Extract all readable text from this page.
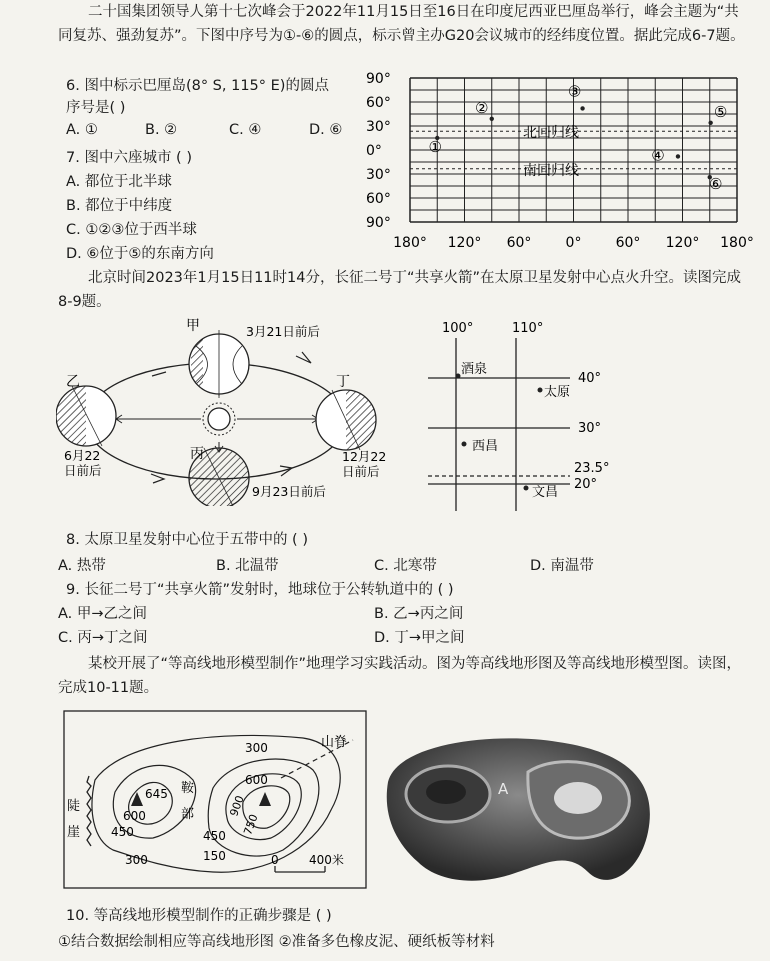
二十国集团领导人第十七次峰会于2022年11月15日至16日在印度尼西亚巴厘岛举行，峰会主题为“共同复苏、强劲复苏”。下图中序号为①-⑥的圆点，标示曾主办G20会议城市的经纬度位置。据此完成6-7题。
6. 图中标示巴厘岛(8° S, 115° E)的圆点
序号是( )
A. ①	B. ②	C. ④	D. ⑥
7. 图中六座城市 ( )
A. 都位于北半球
B. 都位于中纬度
C. ①②③位于西半球
D. ⑥位于⑤的东南方向
90°
60°
30°
0°
30°
60°
90°
180° 120° 60° 0° 60° 120° 180°
北回归线
南回归线
①
②
③
④
⑤
⑥
北京时间2023年1月15日11时14分，长征二号丁“共享火箭”在太原卫星发射中心点火升空。读图完成8-9题。
甲	3月21日前后
乙
6月22
日前后
丁
12月22
日前后
丙
9月23日前后
100°	110°
40°
30°
23.5°
20°
酒泉
太原
西昌
文昌
8. 太原卫星发射中心位于五带中的 ( )
A. 热带	B. 北温带	C. 北寒带	D. 南温带
9. 长征二号丁“共享火箭”发射时，地球位于公转轨道中的 ( )
A. 甲→乙之间	B. 乙→丙之间
C. 丙→丁之间	D. 丁→甲之间
某校开展了“等高线地形模型制作”地理学习实践活动。图为等高线地形图及等高线地形模型图。读图，完成10-11题。
山脊
陡
崖
鞍
部
300
300
450	450
600
600
645	900
750
150	0	400米
A
10. 等高线地形模型制作的正确步骤是 ( )
①结合数据绘制相应等高线地形图 ②准备多色橡皮泥、硬纸板等材料
